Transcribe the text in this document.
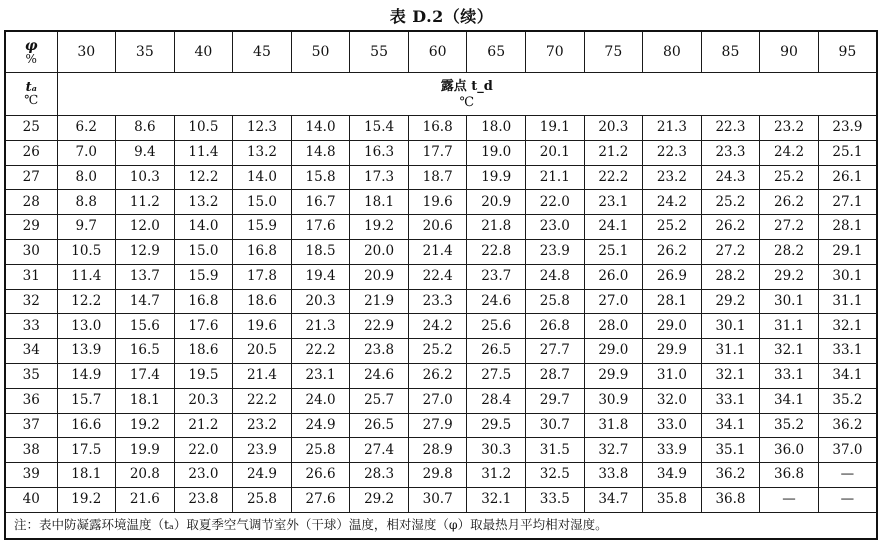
表 D.2（续）
φ
%	30	35	40	45	50	55	60	65	70	75	80	85	90	95

tₐ
℃	露点 t_d
℃													

25	6.2	8.6	10.5	12.3	14.0	15.4	16.8	18.0	19.1	20.3	21.3	22.3	23.2	23.9
26	7.0	9.4	11.4	13.2	14.8	16.3	17.7	19.0	20.1	21.2	22.3	23.3	24.2	25.1
27	8.0	10.3	12.2	14.0	15.8	17.3	18.7	19.9	21.1	22.2	23.2	24.3	25.2	26.1
28	8.8	11.2	13.2	15.0	16.7	18.1	19.6	20.9	22.0	23.1	24.2	25.2	26.2	27.1
29	9.7	12.0	14.0	15.9	17.6	19.2	20.6	21.8	23.0	24.1	25.2	26.2	27.2	28.1
30	10.5	12.9	15.0	16.8	18.5	20.0	21.4	22.8	23.9	25.1	26.2	27.2	28.2	29.1
31	11.4	13.7	15.9	17.8	19.4	20.9	22.4	23.7	24.8	26.0	26.9	28.2	29.2	30.1
32	12.2	14.7	16.8	18.6	20.3	21.9	23.3	24.6	25.8	27.0	28.1	29.2	30.1	31.1
33	13.0	15.6	17.6	19.6	21.3	22.9	24.2	25.6	26.8	28.0	29.0	30.1	31.1	32.1
34	13.9	16.5	18.6	20.5	22.2	23.8	25.2	26.5	27.7	29.0	29.9	31.1	32.1	33.1
35	14.9	17.4	19.5	21.4	23.1	24.6	26.2	27.5	28.7	29.9	31.0	32.1	33.1	34.1
36	15.7	18.1	20.3	22.2	24.0	25.7	27.0	28.4	29.7	30.9	32.0	33.1	34.1	35.2
37	16.6	19.2	21.2	23.2	24.9	26.5	27.9	29.5	30.7	31.8	33.0	34.1	35.2	36.2
38	17.5	19.9	22.0	23.9	25.8	27.4	28.9	30.3	31.5	32.7	33.9	35.1	36.0	37.0
39	18.1	20.8	23.0	24.9	26.6	28.3	29.8	31.2	32.5	33.8	34.9	36.2	36.8	—
40	19.2	21.6	23.8	25.8	27.6	29.2	30.7	32.1	33.5	34.7	35.8	36.8	—	—
注：表中防凝露环境温度（tₐ）取夏季空气调节室外（干球）温度，相对湿度（φ）取最热月平均相对湿度。														
